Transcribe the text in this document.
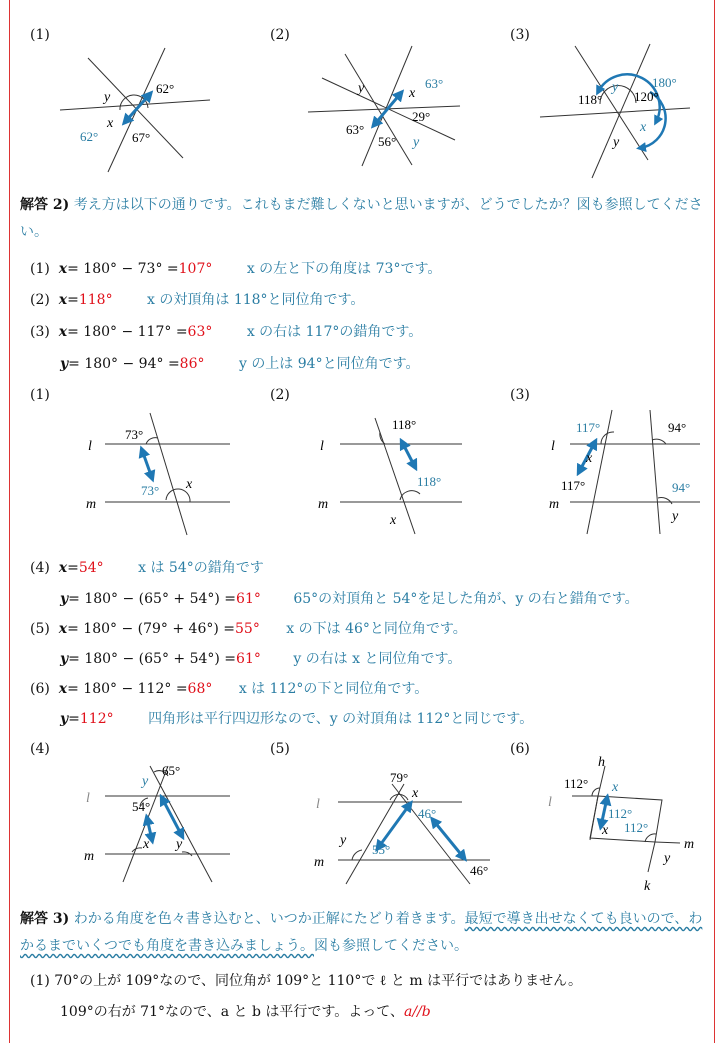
(1)	(2)	(3)
62°
62°	67°
y
x
63°
63°
29°
56°
y	x
y
180°
118° 120°
y
x
y
解答 2) 考え方は以下の通りです。これもまだ難しくないと思いますが、どうでしたか？図も参照してください。
(1) x= 180° − 73° =107° x の左と下の角度は 73°です。
(2) x=118° x の対頂角は 118°と同位角です。
(3) x= 180° − 117° =63° x の右は 117°の錯角です。
y= 180° − 94° =86° y の上は 94°と同位角です。
(1)	(2)	(3)
l
m
73°
73° x
l
m
118°
118°
x
l
m
117°
117°
94°
94°
x
y
(4) x=54° x は 54°の錯角です
y= 180° − (65° + 54°) =61° 65°の対頂角と 54°を足した角が、y の右と錯角です。
(5) x= 180° − (79° + 46°) =55° x の下は 46°と同位角です。
y= 180° − (65° + 54°) =61° y の右は x と同位角です。
(6) x= 180° − 112° =68° x は 112°の下と同位角です。
y=112° 四角形は平行四辺形なので、y の対頂角は 112°と同じです。
(4)	(5)	(6)
l
m
65°
54°
y
x y
l
m
79°
46°
46°
55°
x
y
l
m
h
k
112°
112°
112°
x
x
y
解答 3) わかる角度を色々書き込むと、いつか正解にたどり着きます。最短で導き出せなくても良いので、わかるまでいくつでも角度を書き込みましょう。図も参照してください。
(1) 70°の上が 109°なので、同位角が 109°と 110°で ℓ と m は平行ではありません。
109°の右が 71°なので、a と b は平行です。よって、a//b
